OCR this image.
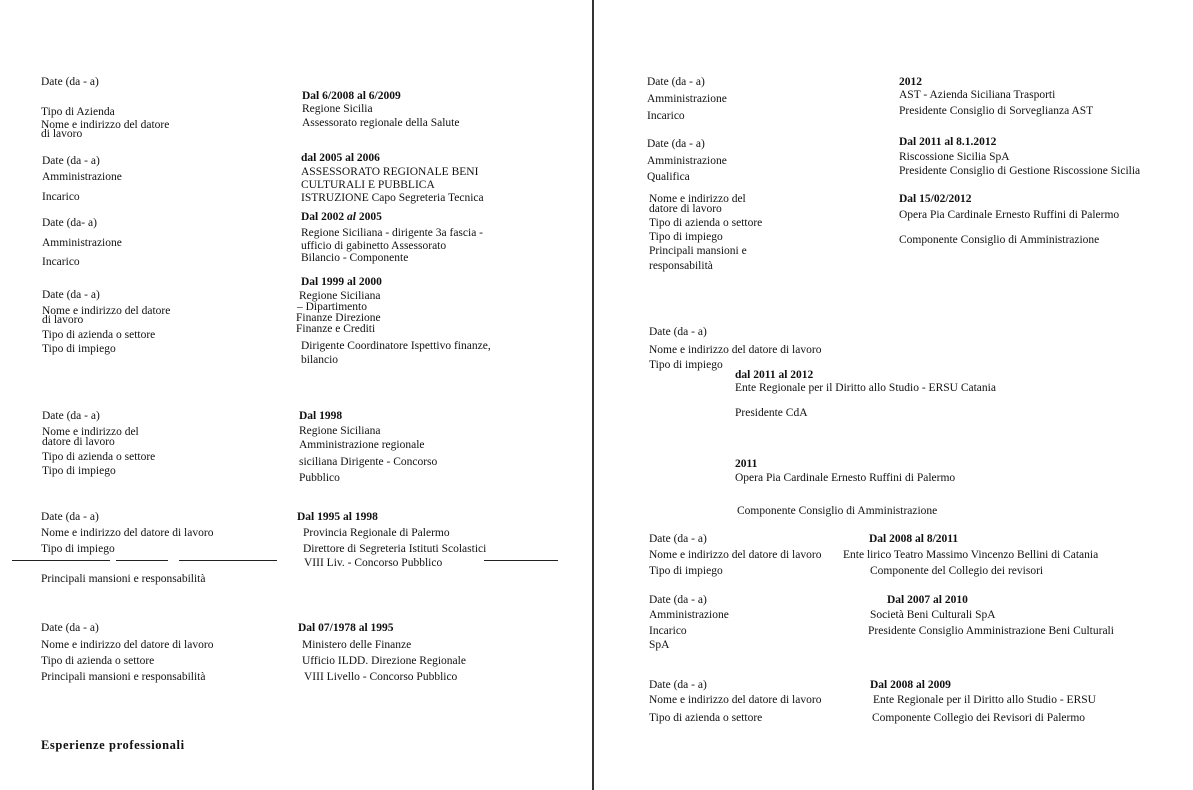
Date (da - a)
Tipo di Azienda
Nome e indirizzo del datore
di lavoro
Dal 6/2008 al 6/2009
Regione Sicilia
Assessorato regionale della Salute
Date (da - a)
Amministrazione
Incarico
dal 2005 al 2006
ASSESSORATO REGIONALE BENI
CULTURALI E PUBBLICA
ISTRUZIONE Capo Segreteria Tecnica
Date (da- a)
Amministrazione
Incarico
Dal 2002 al 2005
Regione Siciliana - dirigente 3a fascia -
ufficio di gabinetto Assessorato
Bilancio - Componente
Date (da - a)
Nome e indirizzo del datore
di lavoro
Tipo di azienda o settore
Tipo di impiego
Dal 1999 al 2000
Regione Siciliana
– Dipartimento
Finanze Direzione
Finanze e Crediti
Dirigente Coordinatore Ispettivo finanze,
bilancio
Date (da - a)
Nome e indirizzo del
datore di lavoro
Tipo di azienda o settore
Tipo di impiego
Dal 1998
Regione Siciliana
Amministrazione regionale
siciliana Dirigente - Concorso
Pubblico
Date (da - a)
Nome e indirizzo del datore di lavoro
Tipo di impiego
Principali mansioni e responsabilità
Dal 1995 al 1998
Provincia Regionale di Palermo
Direttore di Segreteria Istituti Scolastici
VIII Liv. - Concorso Pubblico
Date (da - a)
Nome e indirizzo del datore di lavoro
Tipo di azienda o settore
Principali mansioni e responsabilità
Dal 07/1978 al 1995
Ministero delle Finanze
Ufficio ILDD. Direzione Regionale
VIII Livello - Concorso Pubblico
Esperienze professionali
Date (da - a)
Amministrazione
Incarico
2012
AST - Azienda Siciliana Trasporti
Presidente Consiglio di Sorveglianza AST
Date (da - a)
Amministrazione
Qualifica
Dal 2011 al 8.1.2012
Riscossione Sicilia SpA
Presidente Consiglio di Gestione Riscossione Sicilia
Nome e indirizzo del
datore di lavoro
Tipo di azienda o settore
Tipo di impiego
Principali mansioni e
responsabilità
Dal 15/02/2012
Opera Pia Cardinale Ernesto Ruffini di Palermo
Componente Consiglio di Amministrazione
Date (da - a)
Nome e indirizzo del datore di lavoro
Tipo di impiego
dal 2011 al 2012
Ente Regionale per il Diritto allo Studio - ERSU Catania
Presidente CdA
2011
Opera Pia Cardinale Ernesto Ruffini di Palermo
Componente Consiglio di Amministrazione
Date (da - a)
Nome e indirizzo del datore di lavoro
Tipo di impiego
Dal 2008 al 8/2011
Ente lirico Teatro Massimo Vincenzo Bellini di Catania
Componente del Collegio dei revisori
Date (da - a)
Amministrazione
Incarico
SpA
Dal 2007 al 2010
Società Beni Culturali SpA
Presidente Consiglio Amministrazione Beni Culturali
Date (da - a)
Nome e indirizzo del datore di lavoro
Tipo di azienda o settore
Dal 2008 al 2009
Ente Regionale per il Diritto allo Studio - ERSU
Componente Collegio dei Revisori di Palermo
